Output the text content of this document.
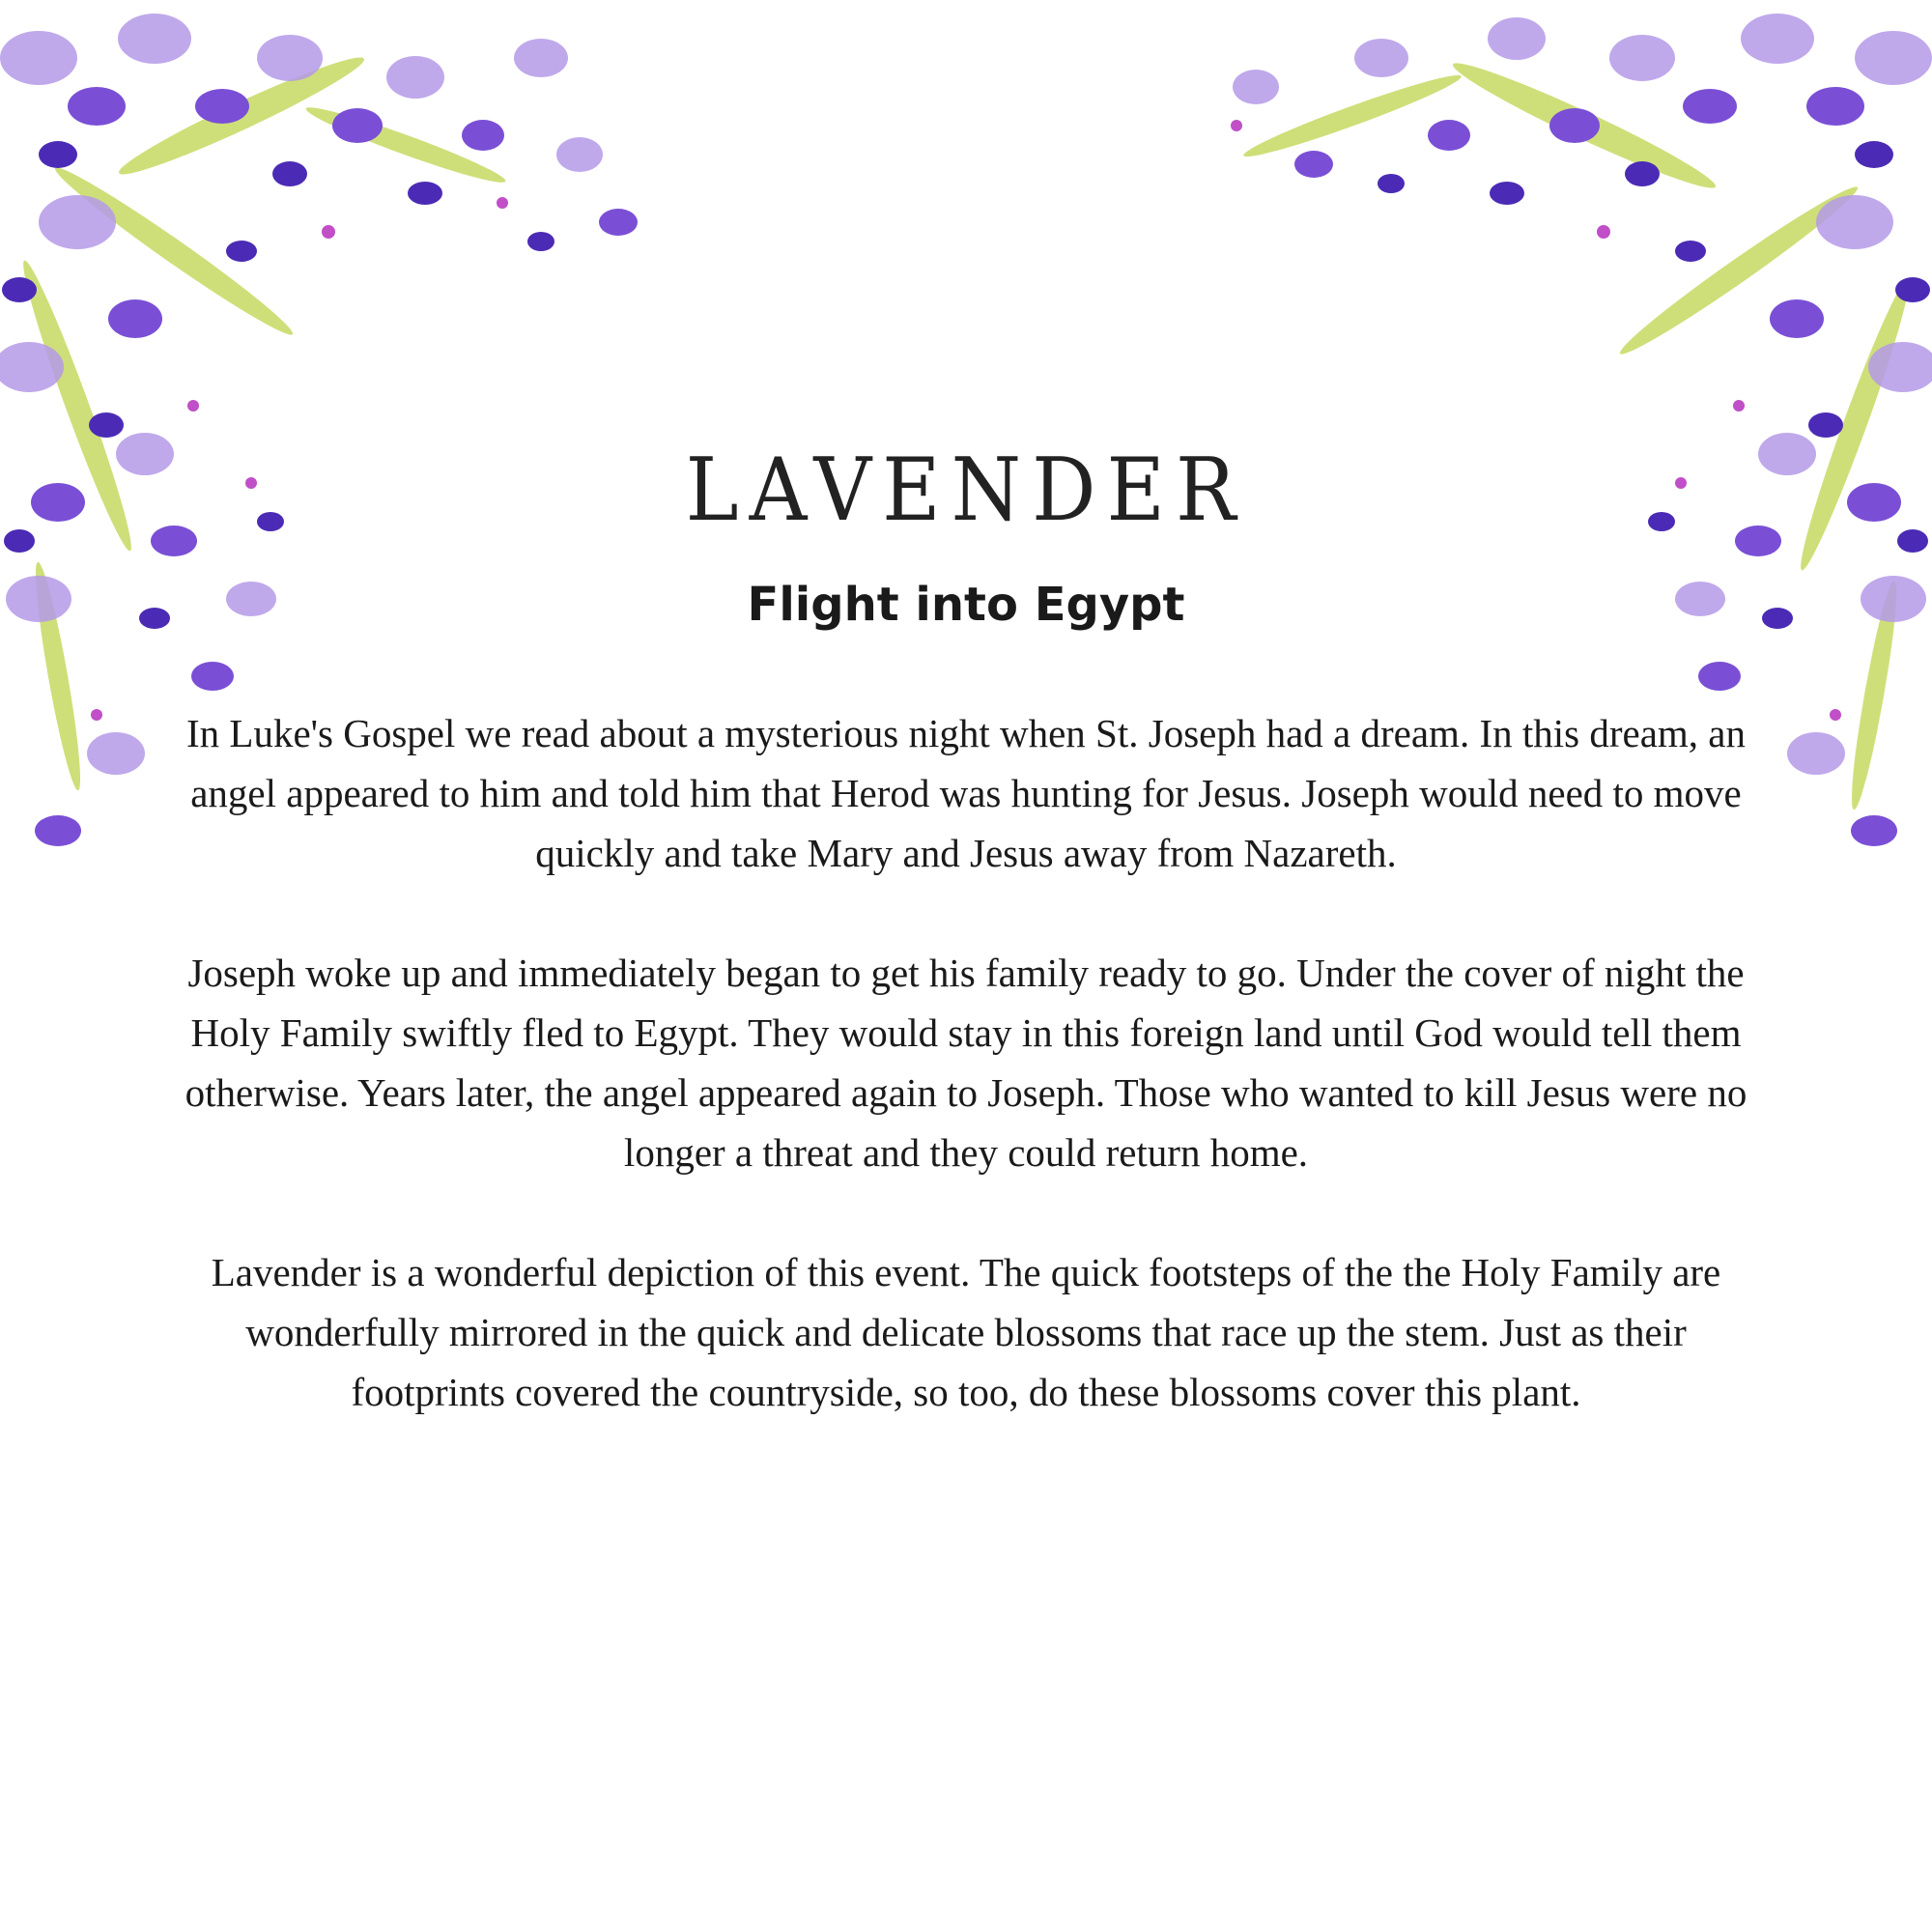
LAVENDER
Flight into Egypt

In Luke's Gospel we read about a mysterious night when St. Joseph had a dream. In this dream, an angel appeared to him and told him that Herod was hunting for Jesus. Joseph would need to move quickly and take Mary and Jesus away from Nazareth.

Joseph woke up and immediately began to get his family ready to go. Under the cover of night the Holy Family swiftly fled to Egypt. They would stay in this foreign land until God would tell them otherwise. Years later, the angel appeared again to Joseph. Those who wanted to kill Jesus were no longer a threat and they could return home.

Lavender is a wonderful depiction of this event. The quick footsteps of the the Holy Family are wonderfully mirrored in the quick and delicate blossoms that race up the stem. Just as their footprints covered the countryside, so too, do these blossoms cover this plant.
